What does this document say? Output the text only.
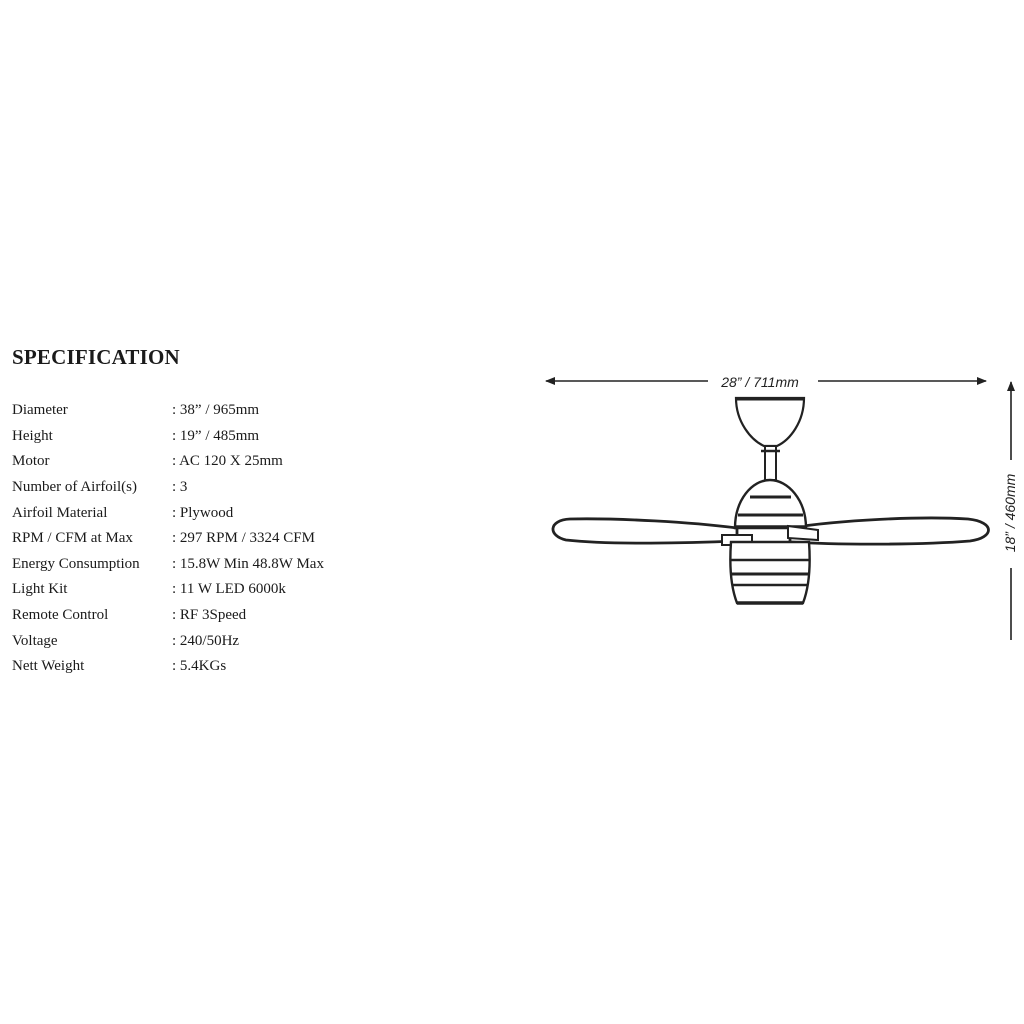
SPECIFICATION
Diameter	: 38” / 965mm
Height	: 19” / 485mm
Motor	: AC 120 X 25mm
Number of Airfoil(s)	: 3
Airfoil Material	: Plywood
RPM / CFM at Max	: 297 RPM / 3324 CFM
Energy Consumption	: 15.8W Min 48.8W Max
Light Kit	: 11 W LED 6000k
Remote Control	: RF 3Speed
Voltage	: 240/50Hz
Nett Weight	: 5.4KGs
28” / 711mm
18” / 460mm
